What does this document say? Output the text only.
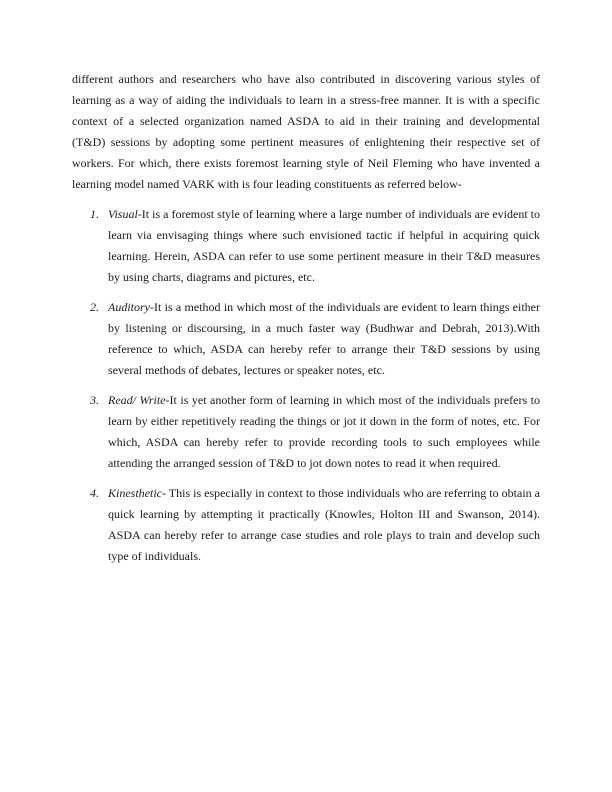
different authors and researchers who have also contributed in discovering various styles of learning as a way of aiding the individuals to learn in a stress-free manner. It is with a specific context of a selected organization named ASDA to aid in their training and developmental (T&D) sessions by adopting some pertinent measures of enlightening their respective set of workers. For which, there exists foremost learning style of Neil Fleming who have invented a learning model named VARK with is four leading constituents as referred below-

1. Visual-It is a foremost style of learning where a large number of individuals are evident to learn via envisaging things where such envisioned tactic if helpful in acquiring quick learning. Herein, ASDA can refer to use some pertinent measure in their T&D measures by using charts, diagrams and pictures, etc.
2. Auditory-It is a method in which most of the individuals are evident to learn things either by listening or discoursing, in a much faster way (Budhwar and Debrah, 2013).With reference to which, ASDA can hereby refer to arrange their T&D sessions by using several methods of debates, lectures or speaker notes, etc.
3. Read/ Write-It is yet another form of learning in which most of the individuals prefers to learn by either repetitively reading the things or jot it down in the form of notes, etc. For which, ASDA can hereby refer to provide recording tools to such employees while attending the arranged session of T&D to jot down notes to read it when required.
4. Kinesthetic- This is especially in context to those individuals who are referring to obtain a quick learning by attempting it practically (Knowles, Holton III and Swanson, 2014). ASDA can hereby refer to arrange case studies and role plays to train and develop such type of individuals.
